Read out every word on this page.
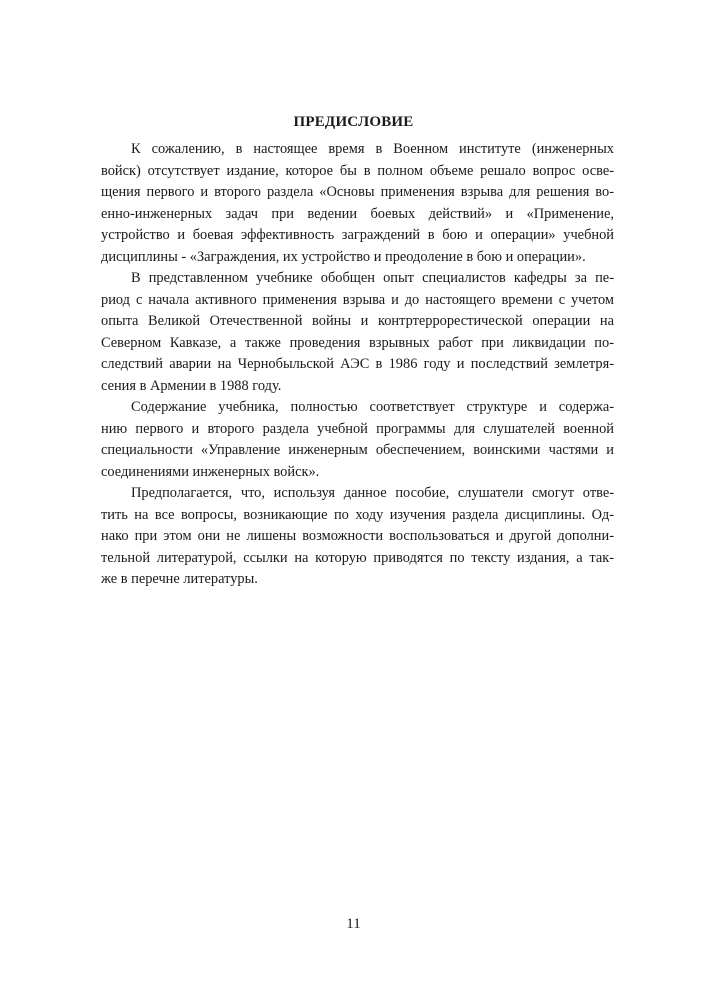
ПРЕДИСЛОВИЕ
К сожалению, в настоящее время в Военном институте (инженерных
войск) отсутствует издание, которое бы в полном объеме решало вопрос осве-
щения первого и второго раздела «Основы применения взрыва для решения во-
енно-инженерных задач при ведении боевых действий» и «Применение,
устройство и боевая эффективность заграждений в бою и операции» учебной
дисциплины - «Заграждения, их устройство и преодоление в бою и операции».
В представленном учебнике обобщен опыт специалистов кафедры за пе-
риод с начала активного применения взрыва и до настоящего времени с учетом
опыта Великой Отечественной войны и контртеррорестической операции на
Северном Кавказе, а также проведения взрывных работ при ликвидации по-
следствий аварии на Чернобыльской АЭС в 1986 году и последствий землетря-
сения в Армении в 1988 году.
Содержание учебника, полностью соответствует структуре и содержа-
нию первого и второго раздела учебной программы для слушателей военной
специальности «Управление инженерным обеспечением, воинскими частями и
соединениями инженерных войск».
Предполагается, что, используя данное пособие, слушатели смогут отве-
тить на все вопросы, возникающие по ходу изучения раздела дисциплины. Од-
нако при этом они не лишены возможности воспользоваться и другой дополни-
тельной литературой, ссылки на которую приводятся по тексту издания, а так-
же в перечне литературы.
11
